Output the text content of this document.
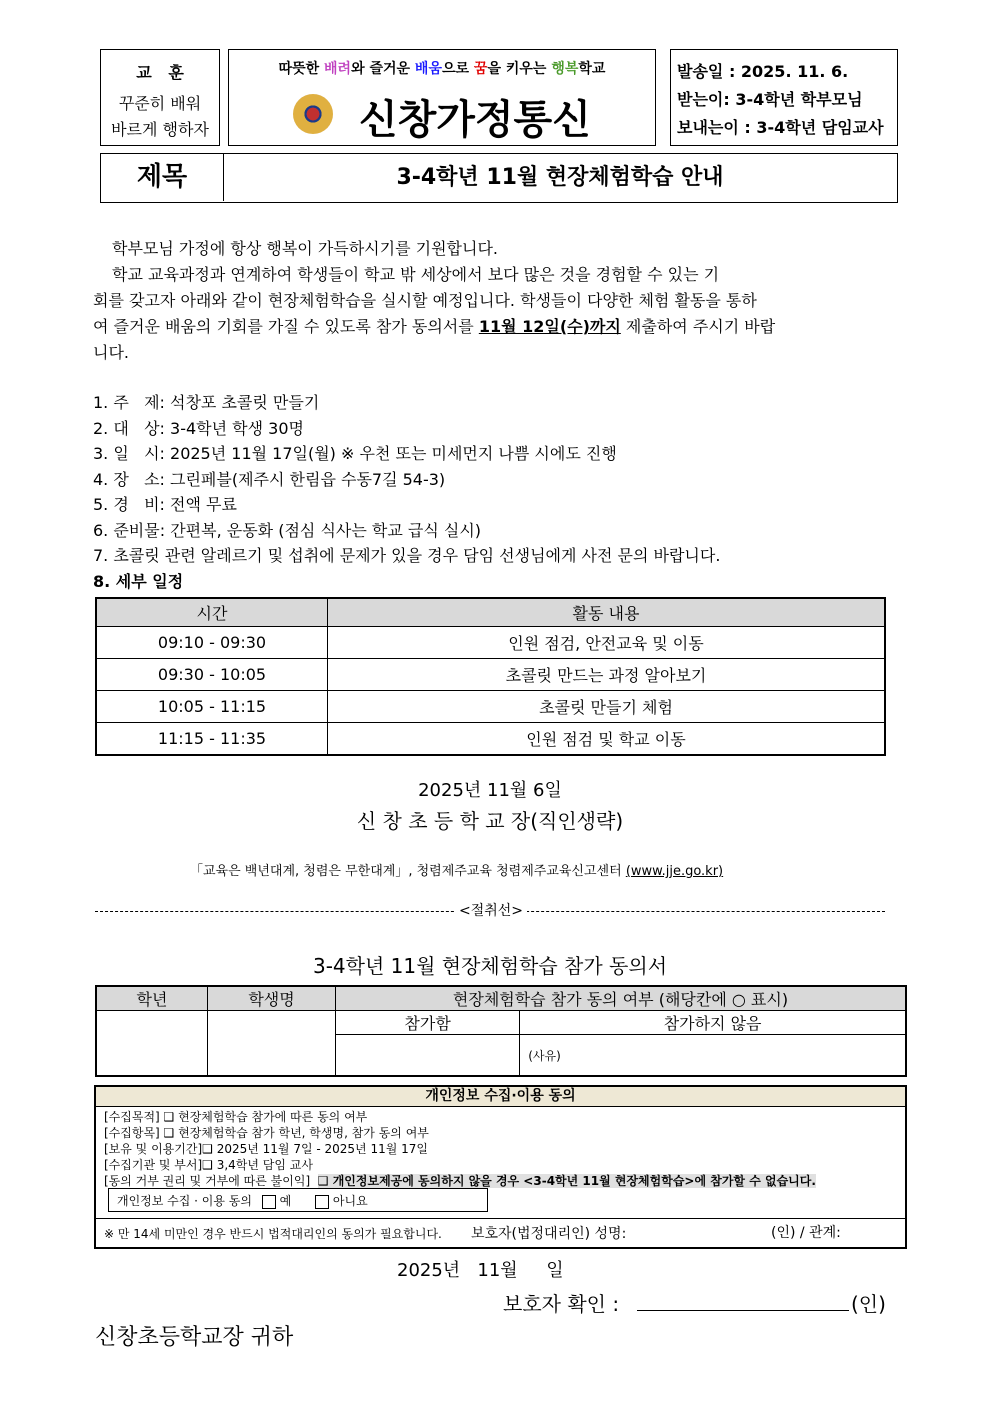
교   훈
꾸준히 배워
바르게 행하자
따뜻한 배려와 즐거운 배움으로 꿈을 키우는 행복학교
신창가정통신
발송일 : 2025. 11. 6.
받는이: 3-4학년 학부모님
보내는이 : 3-4학년 담임교사
제목	3-4학년 11월 현장체험학습 안내
학부모님 가정에 항상 행복이 가득하시기를 기원합니다.
학교 교육과정과 연계하여 학생들이 학교 밖 세상에서 보다 많은 것을 경험할 수 있는 기
회를 갖고자 아래와 같이 현장체험학습을 실시할 예정입니다. 학생들이 다양한 체험 활동을 통하
여 즐거운 배움의 기회를 가질 수 있도록 참가 동의서를 11월 12일(수)까지 제출하여 주시기 바랍
니다.
1. 주   제: 석창포 초콜릿 만들기
2. 대   상: 3-4학년 학생 30명
3. 일   시: 2025년 11월 17일(월) ※ 우천 또는 미세먼지 나쁨 시에도 진행
4. 장   소: 그린페블(제주시 한림읍 수동7길 54-3)
5. 경   비: 전액 무료
6. 준비물: 간편복, 운동화 (점심 식사는 학교 급식 실시)
7. 초콜릿 관련 알레르기 및 섭취에 문제가 있을 경우 담임 선생님에게 사전 문의 바랍니다.
8. 세부 일정
시간	활동 내용
09:10 - 09:30	인원 점검, 안전교육 및 이동
09:30 - 10:05	초콜릿 만드는 과정 알아보기
10:05 - 11:15	초콜릿 만들기 체험
11:15 - 11:35	인원 점검 및 학교 이동
2025년 11월 6일
신 창 초 등 학 교 장(직인생략)
「교육은 백년대계, 청렴은 무한대계」, 청렴제주교육 청렴제주교육신고센터 (www.jje.go.kr)
<절취선>
3-4학년 11월 현장체험학습 참가 동의서
학년	학생명	현장체험학습 참가 동의 여부 (해당칸에 ○ 표시)	
		참가함	참가하지 않음
			(사유)
개인정보 수집·이용 동의
[수집목적] ❑ 현장체험학습 참가에 따른 동의 여부
[수집항목] ❑ 현장체험학습 참가 학년, 학생명, 참가 동의 여부
[보유 및 이용기간]❑ 2025년 11월 7일 - 2025년 11월 17일
[수집기관 및 부서]❑ 3,4학년 담임 교사
[동의 거부 권리 및 거부에 따른 불이익] ❑ 개인정보제공에 동의하지 않을 경우 <3-4학년 11월 현장체험학습>에 참가할 수 없습니다.
개인정보 수집 · 이용 동의 예	아니요
※ 만 14세 미만인 경우 반드시 법적대리인의 동의가 필요합니다. 보호자(법정대리인) 성명:	(인) / 관계:
2025년   11월     일
보호자 확인 :	(인)
신창초등학교장 귀하
